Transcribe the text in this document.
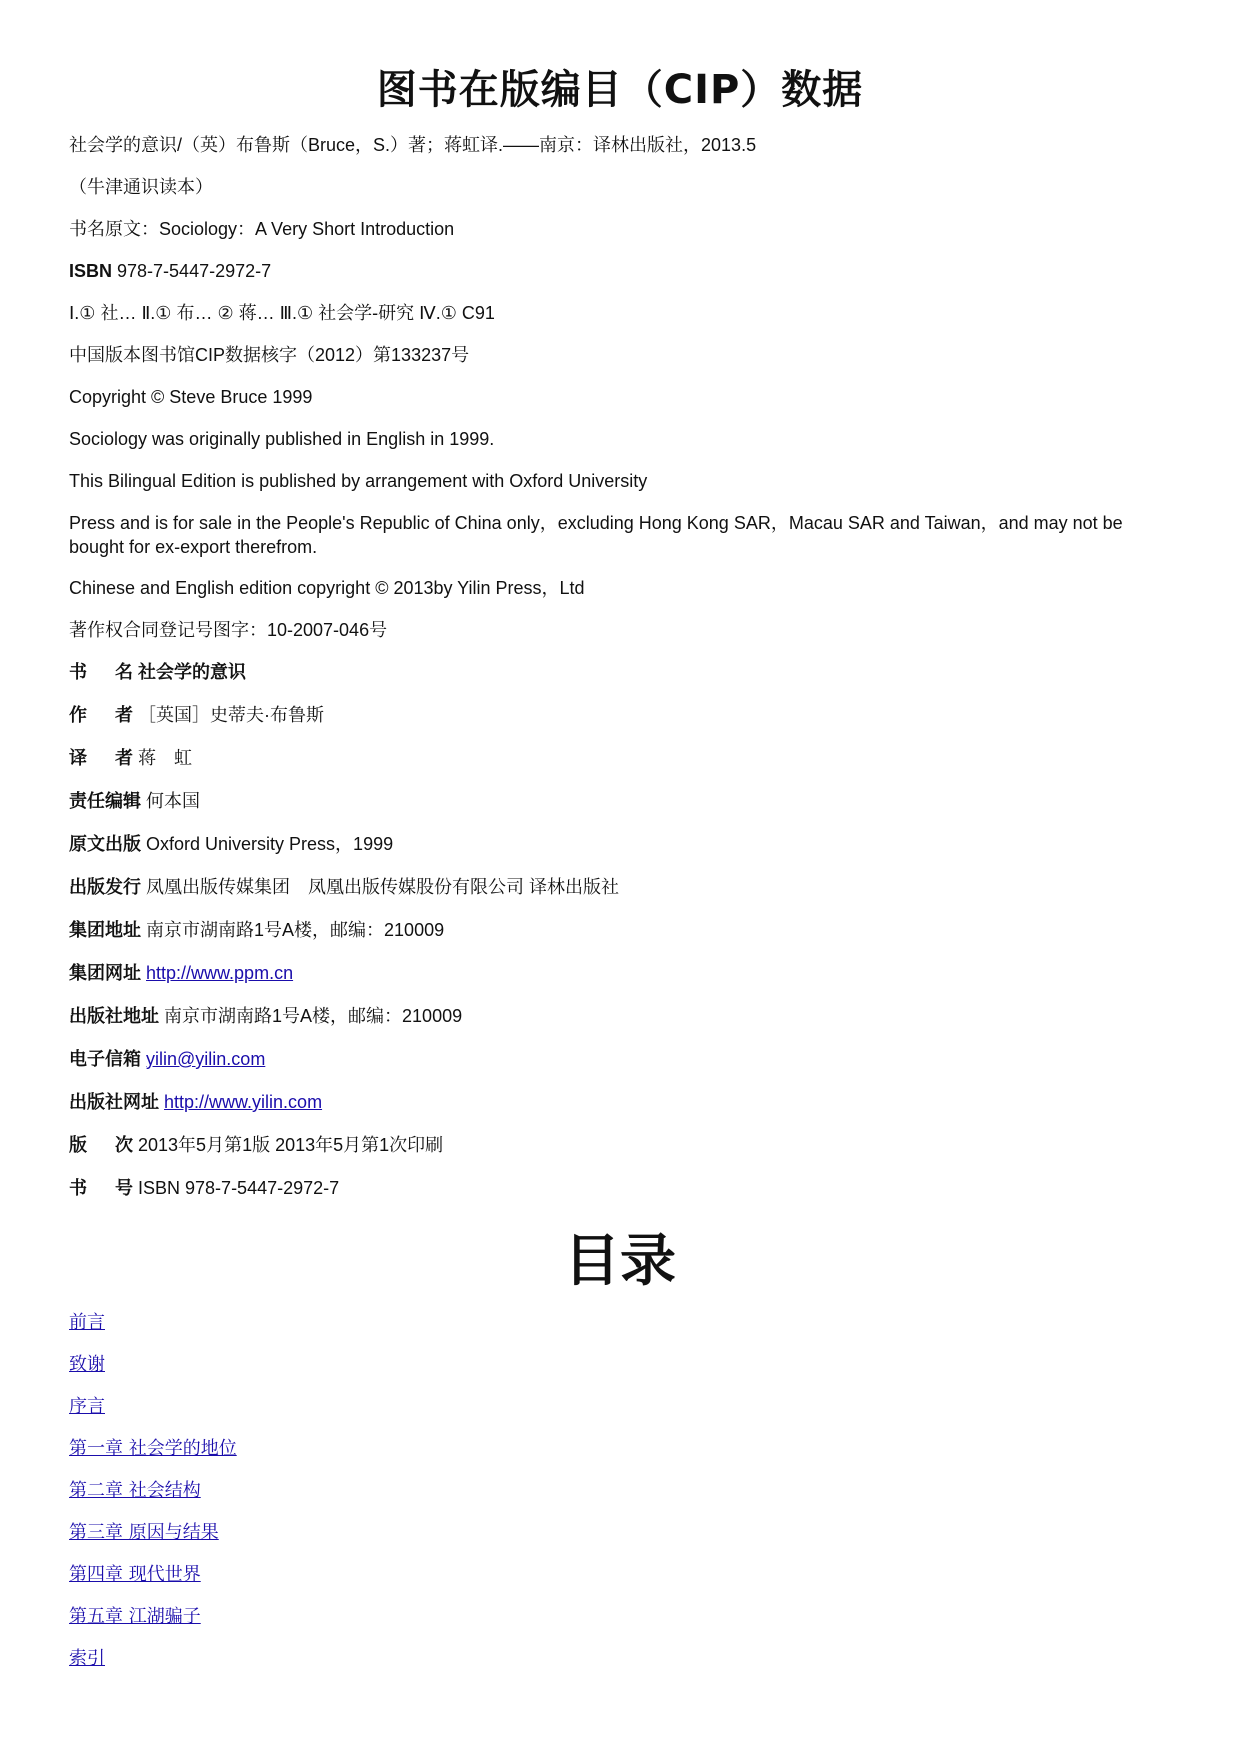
图书在版编目（CIP）数据
社会学的意识/（英）布鲁斯（Bruce，S.）著；蒋虹译.——南京：译林出版社，2013.5
（牛津通识读本）
书名原文：Sociology：A Very Short Introduction
ISBN 978-7-5447-2972-7
Ⅰ.① 社… Ⅱ.① 布… ② 蒋… Ⅲ.① 社会学-研究 Ⅳ.① C91
中国版本图书馆CIP数据核字（2012）第133237号
Copyright © Steve Bruce 1999
Sociology was originally published in English in 1999.
This Bilingual Edition is published by arrangement with Oxford University
Press and is for sale in the People's Republic of China only，excluding Hong Kong SAR，Macau SAR and Taiwan，and may not be bought for ex-export therefrom.
Chinese and English edition copyright © 2013by Yilin Press，Ltd
著作权合同登记号图字：10-2007-046号
书　名 社会学的意识
作　者 ［英国］史蒂夫·布鲁斯
译　者 蒋　虹
责任编辑 何本国
原文出版 Oxford University Press，1999
出版发行 凤凰出版传媒集团　凤凰出版传媒股份有限公司 译林出版社
集团地址 南京市湖南路1号A楼，邮编：210009
集团网址 http://www.ppm.cn
出版社地址 南京市湖南路1号A楼，邮编：210009
电子信箱 yilin@yilin.com
出版社网址 http://www.yilin.com
版　次 2013年5月第1版 2013年5月第1次印刷
书　号 ISBN 978-7-5447-2972-7
目录
前言
致谢
序言
第一章 社会学的地位
第二章 社会结构
第三章 原因与结果
第四章 现代世界
第五章 江湖骗子
索引
